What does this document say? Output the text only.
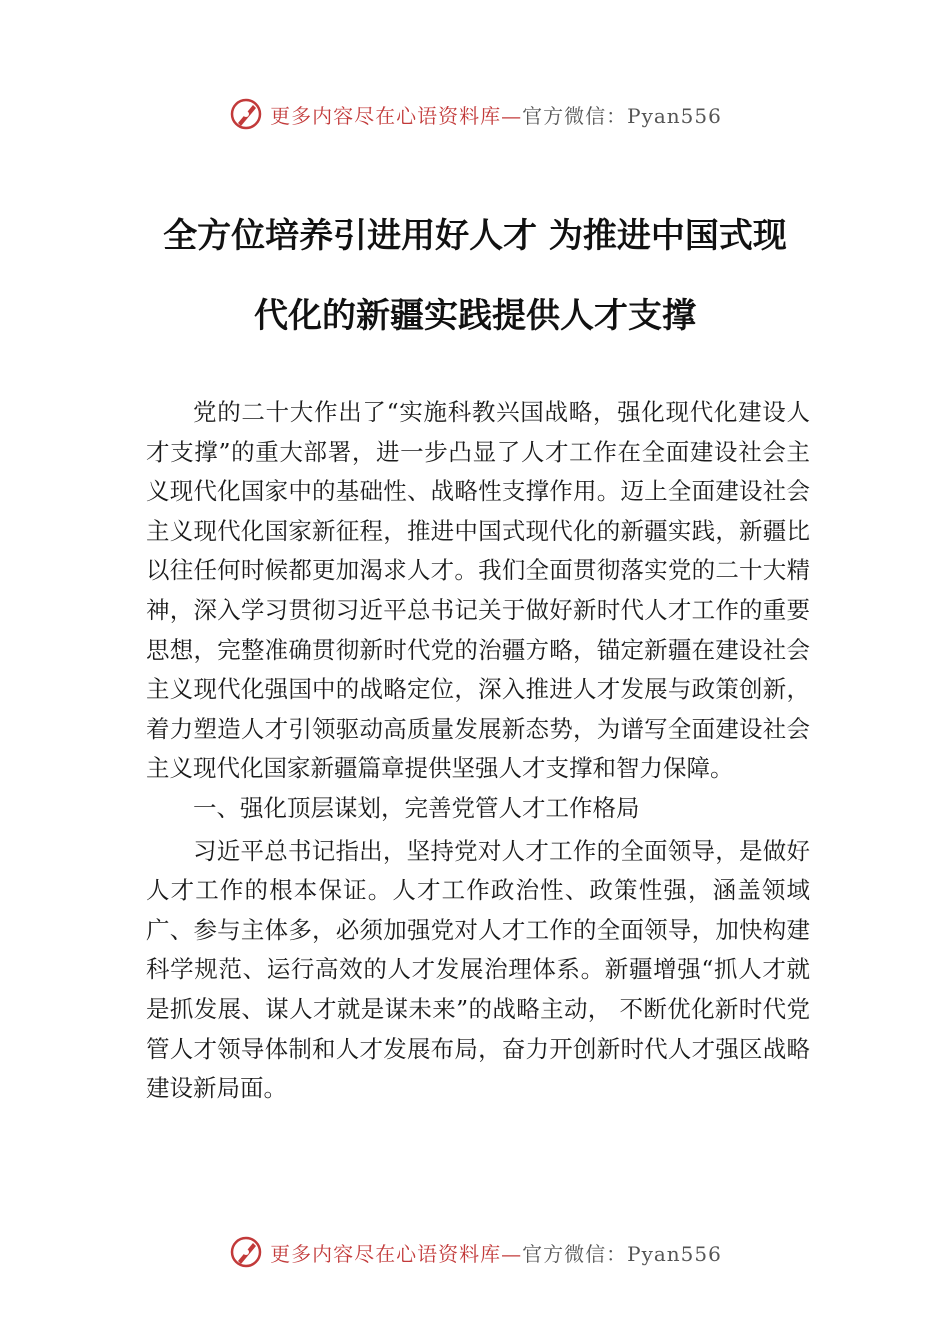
更多内容尽在心语资料库—官方微信：Pyan556
全方位培养引进用好人才 为推进中国式现
代化的新疆实践提供人才支撑

党的二十大作出了“实施科教兴国战略，强化现代化建设人才支撑”的重大部署，进一步凸显了人才工作在全面建设社会主义现代化国家中的基础性、战略性支撑作用。迈上全面建设社会主义现代化国家新征程，推进中国式现代化的新疆实践，新疆比以往任何时候都更加渴求人才。我们全面贯彻落实党的二十大精神，深入学习贯彻习近平总书记关于做好新时代人才工作的重要思想，完整准确贯彻新时代党的治疆方略，锚定新疆在建设社会主义现代化强国中的战略定位，深入推进人才发展与政策创新，着力塑造人才引领驱动高质量发展新态势，为谱写全面建设社会主义现代化国家新疆篇章提供坚强人才支撑和智力保障。

一、强化顶层谋划，完善党管人才工作格局

习近平总书记指出，坚持党对人才工作的全面领导，是做好人才工作的根本保证。人才工作政治性、政策性强，涵盖领域广、参与主体多，必须加强党对人才工作的全面领导，加快构建科学规范、运行高效的人才发展治理体系。新疆增强“抓人才就是抓发展、谋人才就是谋未来”的战略主动， 不断优化新时代党管人才领导体制和人才发展布局，奋力开创新时代人才强区战略建设新局面。

更多内容尽在心语资料库—官方微信：Pyan556
